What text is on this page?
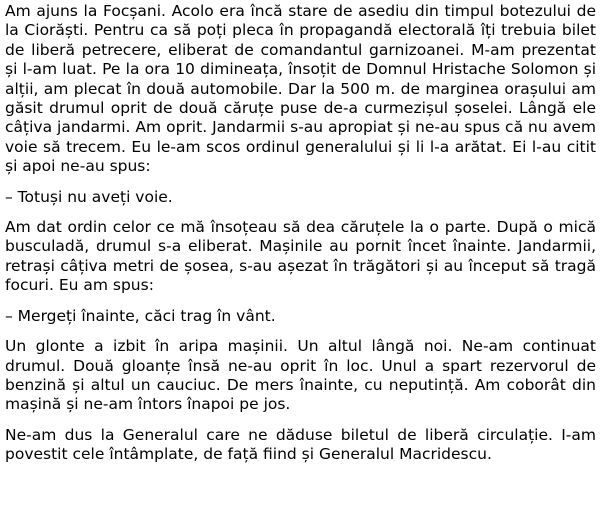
Am ajuns la Focșani. Acolo era încă stare de asediu din timpul botezului de la Ciorăști. Pentru ca să poți pleca în propagandă electorală îți trebuia bilet de liberă petrecere, eliberat de comandantul garnizoanei. M-am prezentat și l-am luat. Pe la ora 10 dimineața, însoțit de Domnul Hristache Solomon și alții, am plecat în două automobile. Dar la 500 m. de marginea orașului am găsit drumul oprit de două căruțe puse de-a curmezișul șoselei. Lângă ele câțiva jandarmi. Am oprit. Jandarmii s-au apropiat și ne-au spus că nu avem voie să trecem. Eu le-am scos ordinul generalului și li l-a arătat. Ei l-au citit și apoi ne-au spus:

– Totuși nu aveți voie.

Am dat ordin celor ce mă însoțeau să dea căruțele la o parte. După o mică busculadă, drumul s-a eliberat. Mașinile au pornit încet înainte. Jandarmii, retrași câțiva metri de șosea, s-au așezat în trăgători și au început să tragă focuri. Eu am spus:

– Mergeți înainte, căci trag în vânt.

Un glonte a izbit în aripa mașinii. Un altul lângă noi. Ne-am continuat drumul. Două gloanțe însă ne-au oprit în loc. Unul a spart rezervorul de benzină și altul un cauciuc. De mers înainte, cu neputință. Am coborât din mașină și ne-am întors înapoi pe jos.

Ne-am dus la Generalul care ne dăduse biletul de liberă circulație. I-am povestit cele întâmplate, de față fiind și Generalul Macridescu.
